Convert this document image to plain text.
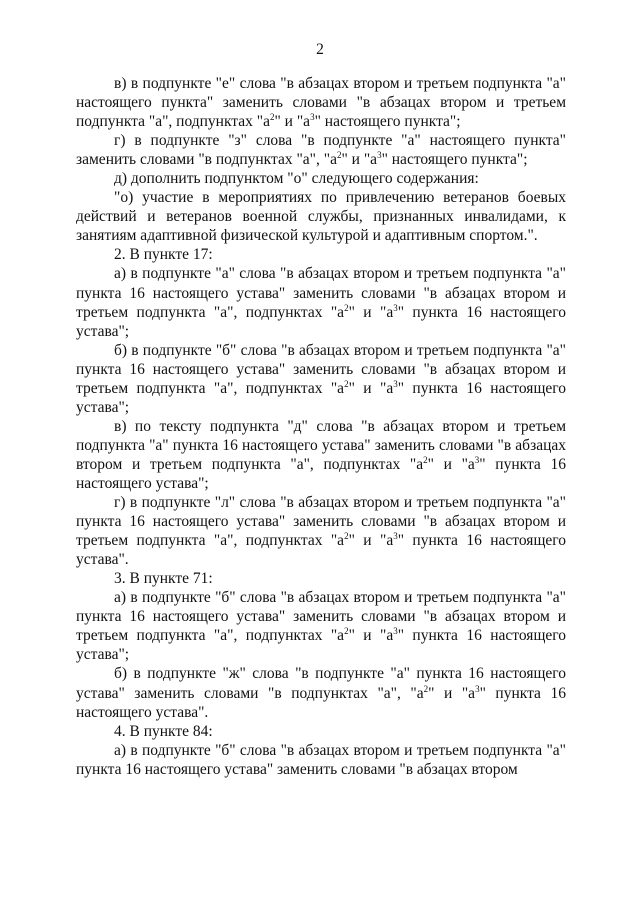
2

в) в подпункте "е" слова "в абзацах втором и третьем подпункта "а" настоящего пункта" заменить словами "в абзацах втором и третьем подпункта "а", подпунктах "$а^2$" и "$а^3$" настоящего пункта";

г) в подпункте "з" слова "в подпункте "а" настоящего пункта" заменить словами "в подпунктах "а", "$а^2$" и "$а^3$" настоящего пункта";

д) дополнить подпунктом "о" следующего содержания:

"о) участие в мероприятиях по привлечению ветеранов боевых действий и ветеранов военной службы, признанных инвалидами, к занятиям адаптивной физической культурой и адаптивным спортом.".

2. В пункте 17:

а) в подпункте "а" слова "в абзацах втором и третьем подпункта "а" пункта 16 настоящего устава" заменить словами "в абзацах втором и третьем подпункта "а", подпунктах "$а^2$" и "$а^3$" пункта 16 настоящего устава";

б) в подпункте "б" слова "в абзацах втором и третьем подпункта "а" пункта 16 настоящего устава" заменить словами "в абзацах втором и третьем подпункта "а", подпунктах "$а^2$" и "$а^3$" пункта 16 настоящего устава";

в) по тексту подпункта "д" слова "в абзацах втором и третьем подпункта "а" пункта 16 настоящего устава" заменить словами "в абзацах втором и третьем подпункта "а", подпунктах "$а^2$" и "$а^3$" пункта 16 настоящего устава";

г) в подпункте "л" слова "в абзацах втором и третьем подпункта "а" пункта 16 настоящего устава" заменить словами "в абзацах втором и третьем подпункта "а", подпунктах "$а^2$" и "$а^3$" пункта 16 настоящего устава".

3. В пункте 71:

а) в подпункте "б" слова "в абзацах втором и третьем подпункта "а" пункта 16 настоящего устава" заменить словами "в абзацах втором и третьем подпункта "а", подпунктах "$а^2$" и "$а^3$" пункта 16 настоящего устава";

б) в подпункте "ж" слова "в подпункте "а" пункта 16 настоящего устава" заменить словами "в подпунктах "а", "$а^2$" и "$а^3$" пункта 16 настоящего устава".

4. В пункте 84:

а) в подпункте "б" слова "в абзацах втором и третьем подпункта "а" пункта 16 настоящего устава" заменить словами "в абзацах втором
